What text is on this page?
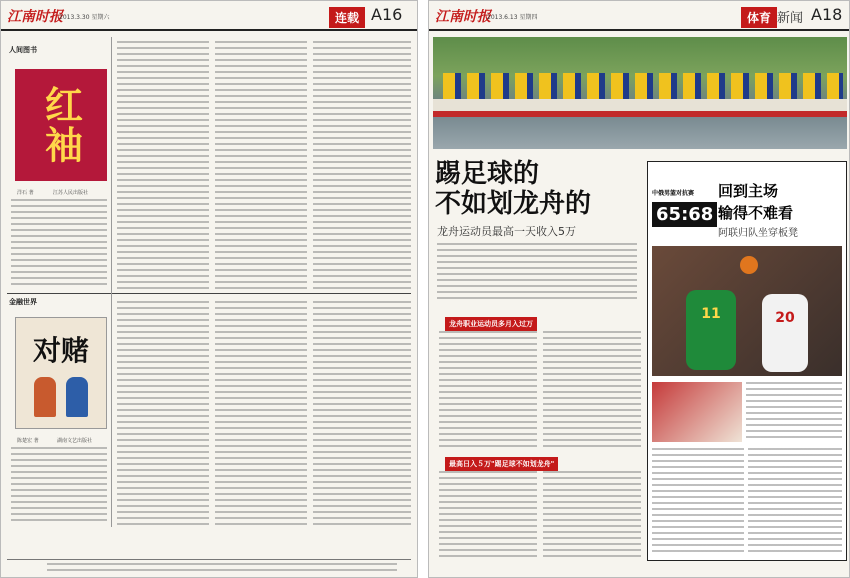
江南时报
2013.3.30 星期六	连载 A16
人间图书
红袖
洋石 著	江苏人民出版社
金融世界
对赌
陈楚宏 著	湖南文艺出版社
江南时报
2013.6.13 星期四	体育 新闻 A18
踢足球的
不如划龙舟的
龙舟运动员最高一天收入5万
龙舟职业运动员多月入过万
最高日入５万"踢足球不如划龙舟"
中俄男篮对抗赛
65:68
回到主场
输得不难看
阿联归队坐穿板凳
11	20
